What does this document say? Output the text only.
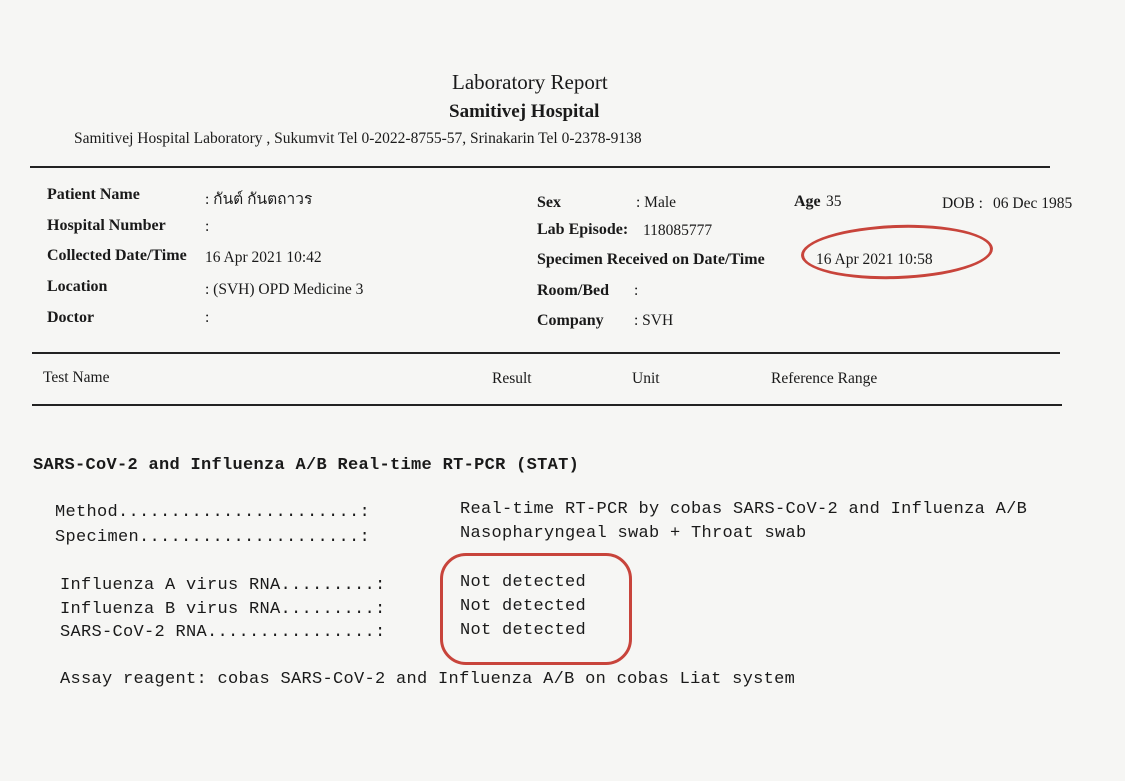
Laboratory Report
Samitivej Hospital
Samitivej Hospital Laboratory , Sukumvit Tel 0-2022-8755-57, Srinakarin Tel 0-2378-9138
Patient Name	: กันต์ กันตถาวร
Hospital Number	:
Collected Date/Time 16 Apr 2021 10:42
Location	: (SVH) OPD Medicine 3
Doctor	:
Sex	: Male	Age 35	DOB : 06 Dec 1985
Lab Episode: 118085777
Specimen Received on Date/Time	16 Apr 2021 10:58
Room/Bed :
Company : SVH
Test Name	Result	Unit	Reference Range
SARS-CoV-2 and Influenza A/B Real-time RT-PCR (STAT)
Method.......................:	Real-time RT-PCR by cobas SARS-CoV-2 and Influenza A/B
Specimen.....................:	Nasopharyngeal swab + Throat swab
Influenza A virus RNA.........:	Not detected
Influenza B virus RNA.........:	Not detected
SARS-CoV-2 RNA................:	Not detected
Assay reagent: cobas SARS-CoV-2 and Influenza A/B on cobas Liat system
